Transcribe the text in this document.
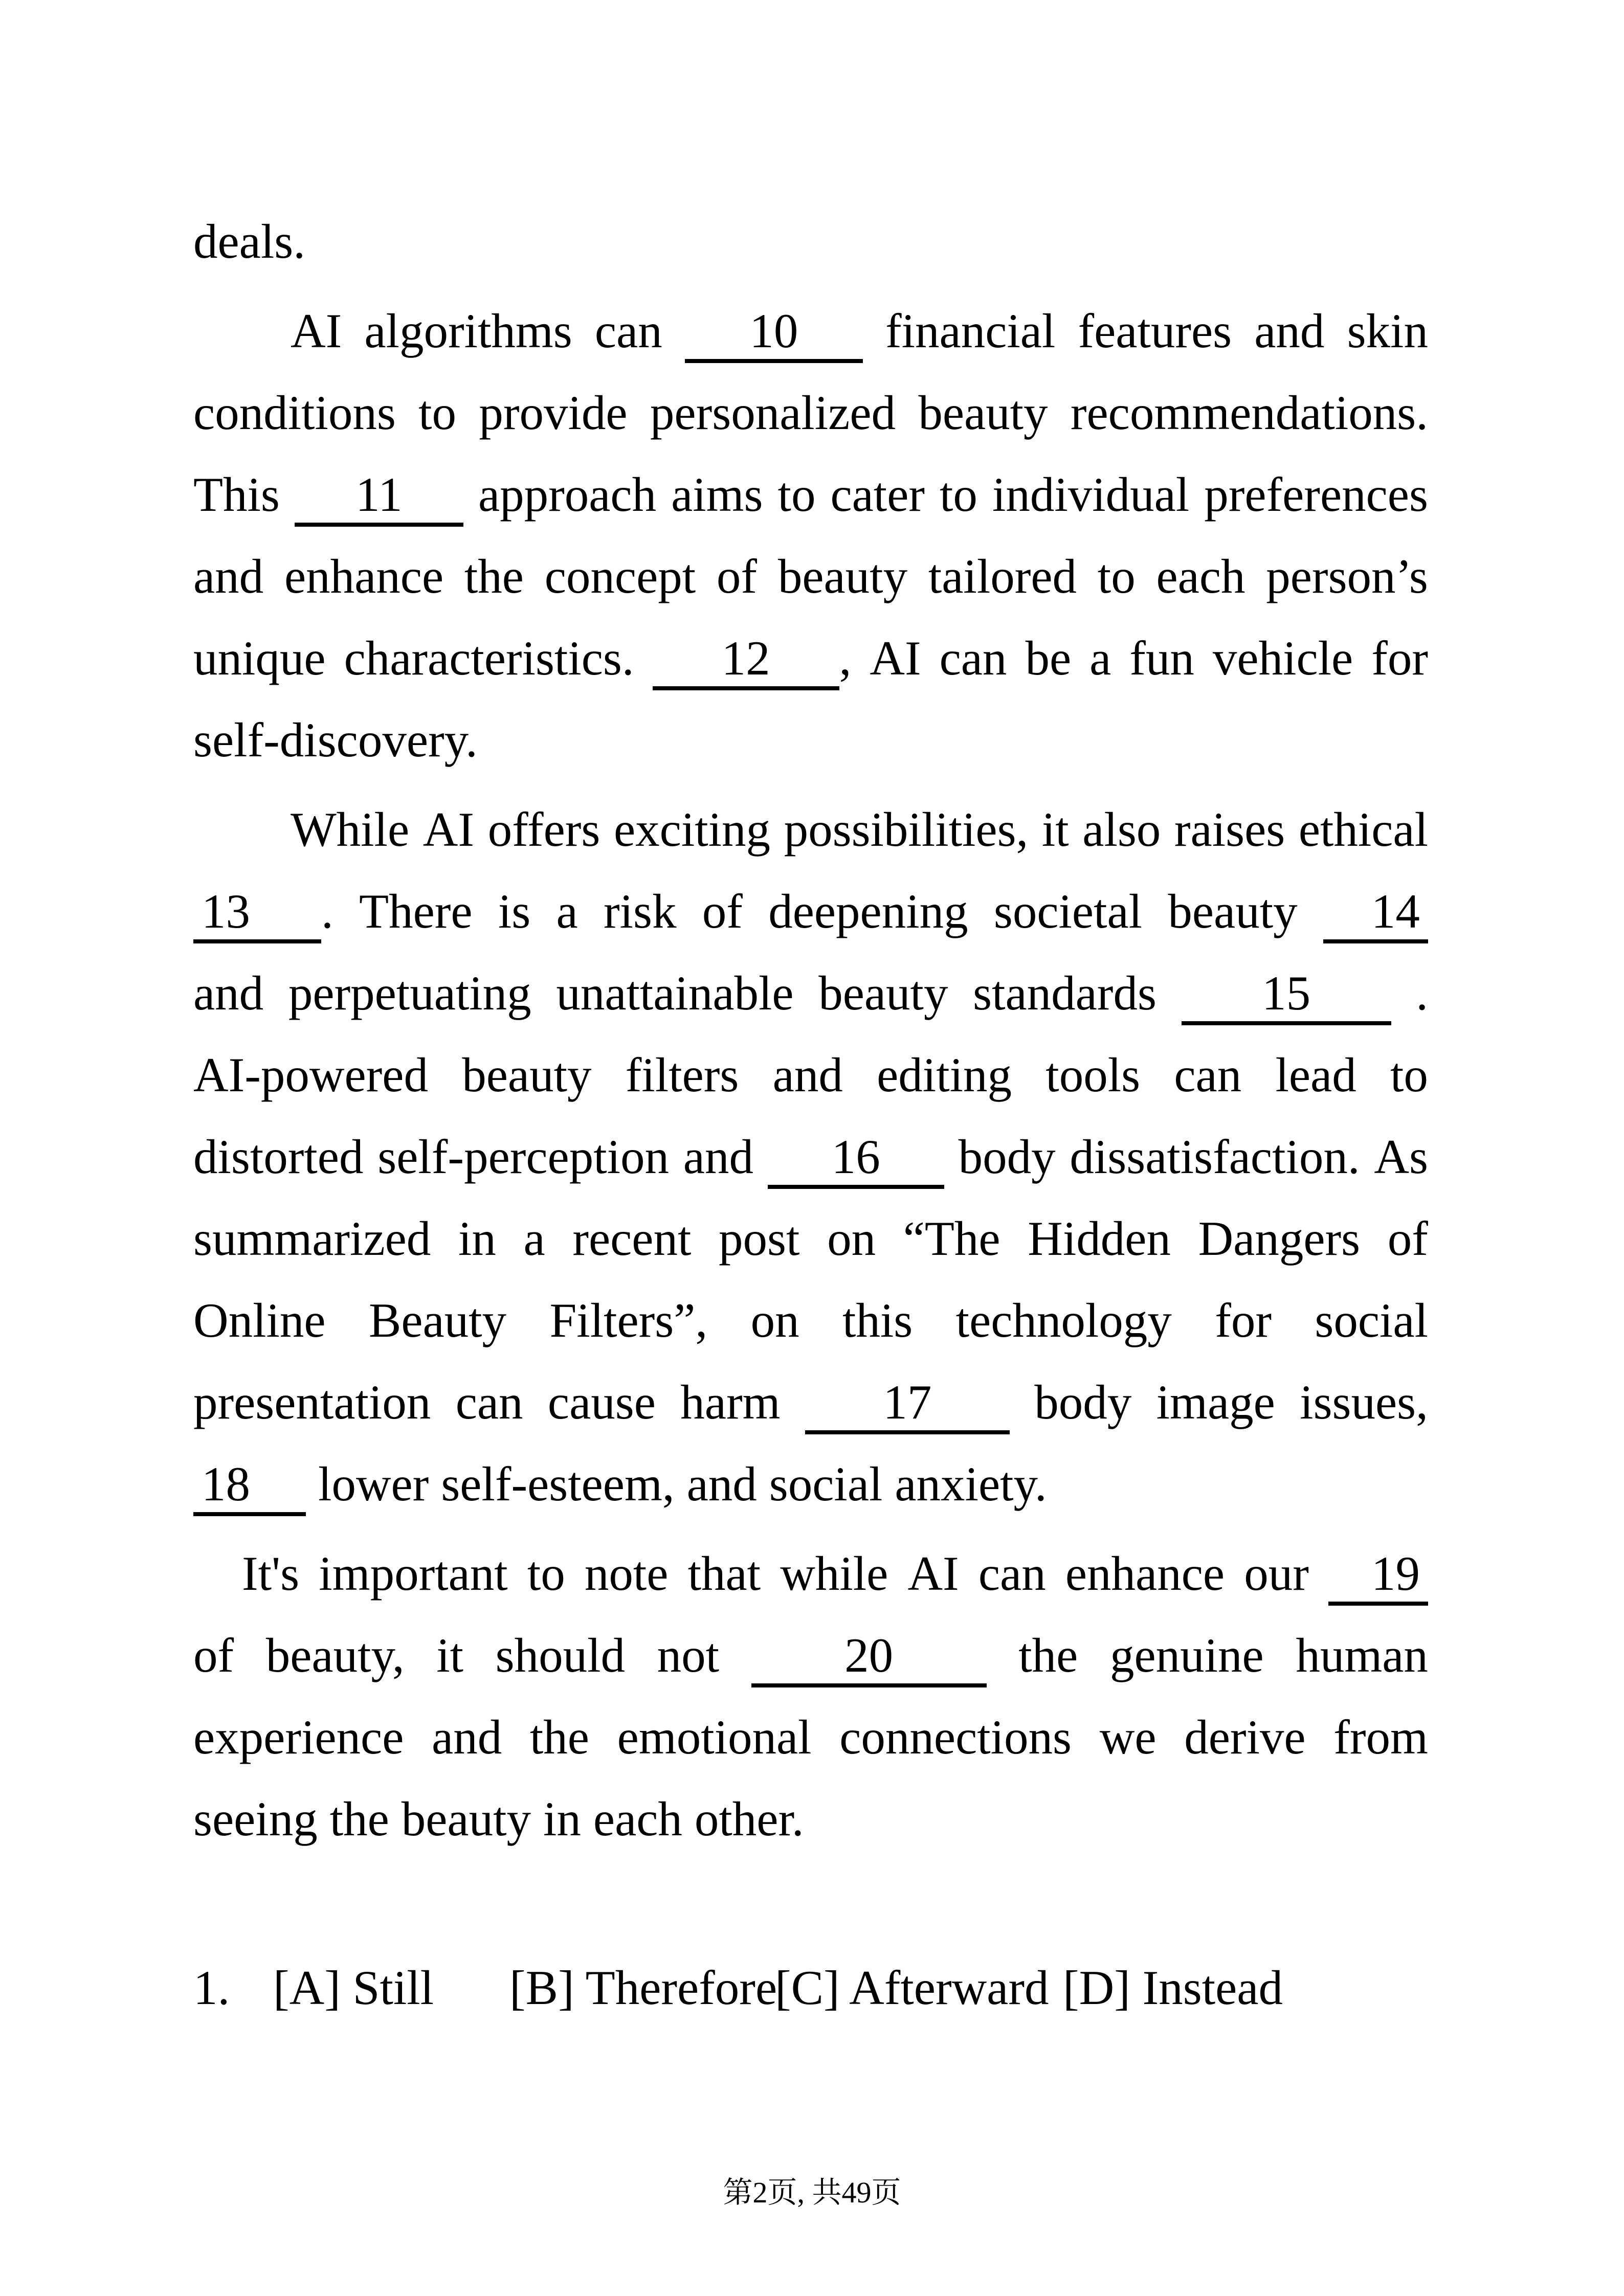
deals.
AI algorithms can	10	financial features and skin
conditions to provide personalized beauty recommendations.
This	11	approach aims to cater to individual preferences
and enhance the concept of beauty tailored to each person’s
unique characteristics.	12 , AI can be a fun vehicle for
self-discovery.
While AI offers exciting possibilities, it also raises ethical
13 . There is a risk of deepening societal beauty	14
and perpetuating unattainable beauty standards	15	.
AI-powered beauty filters and editing tools can lead to
distorted self-perception and	16	body dissatisfaction. As
summarized in a recent post on “The Hidden Dangers of
Online Beauty Filters”, on this technology for social
presentation can cause harm	17	body image issues,
18 lower self-esteem, and social anxiety.
It's important to note that while AI can enhance our	19
of beauty, it should not	20	the genuine human
experience and the emotional connections we derive from
seeing the beauty in each other.
1. [A] Still [B] Therefore[C] Afterward [D] Instead
第2页, 共49页
